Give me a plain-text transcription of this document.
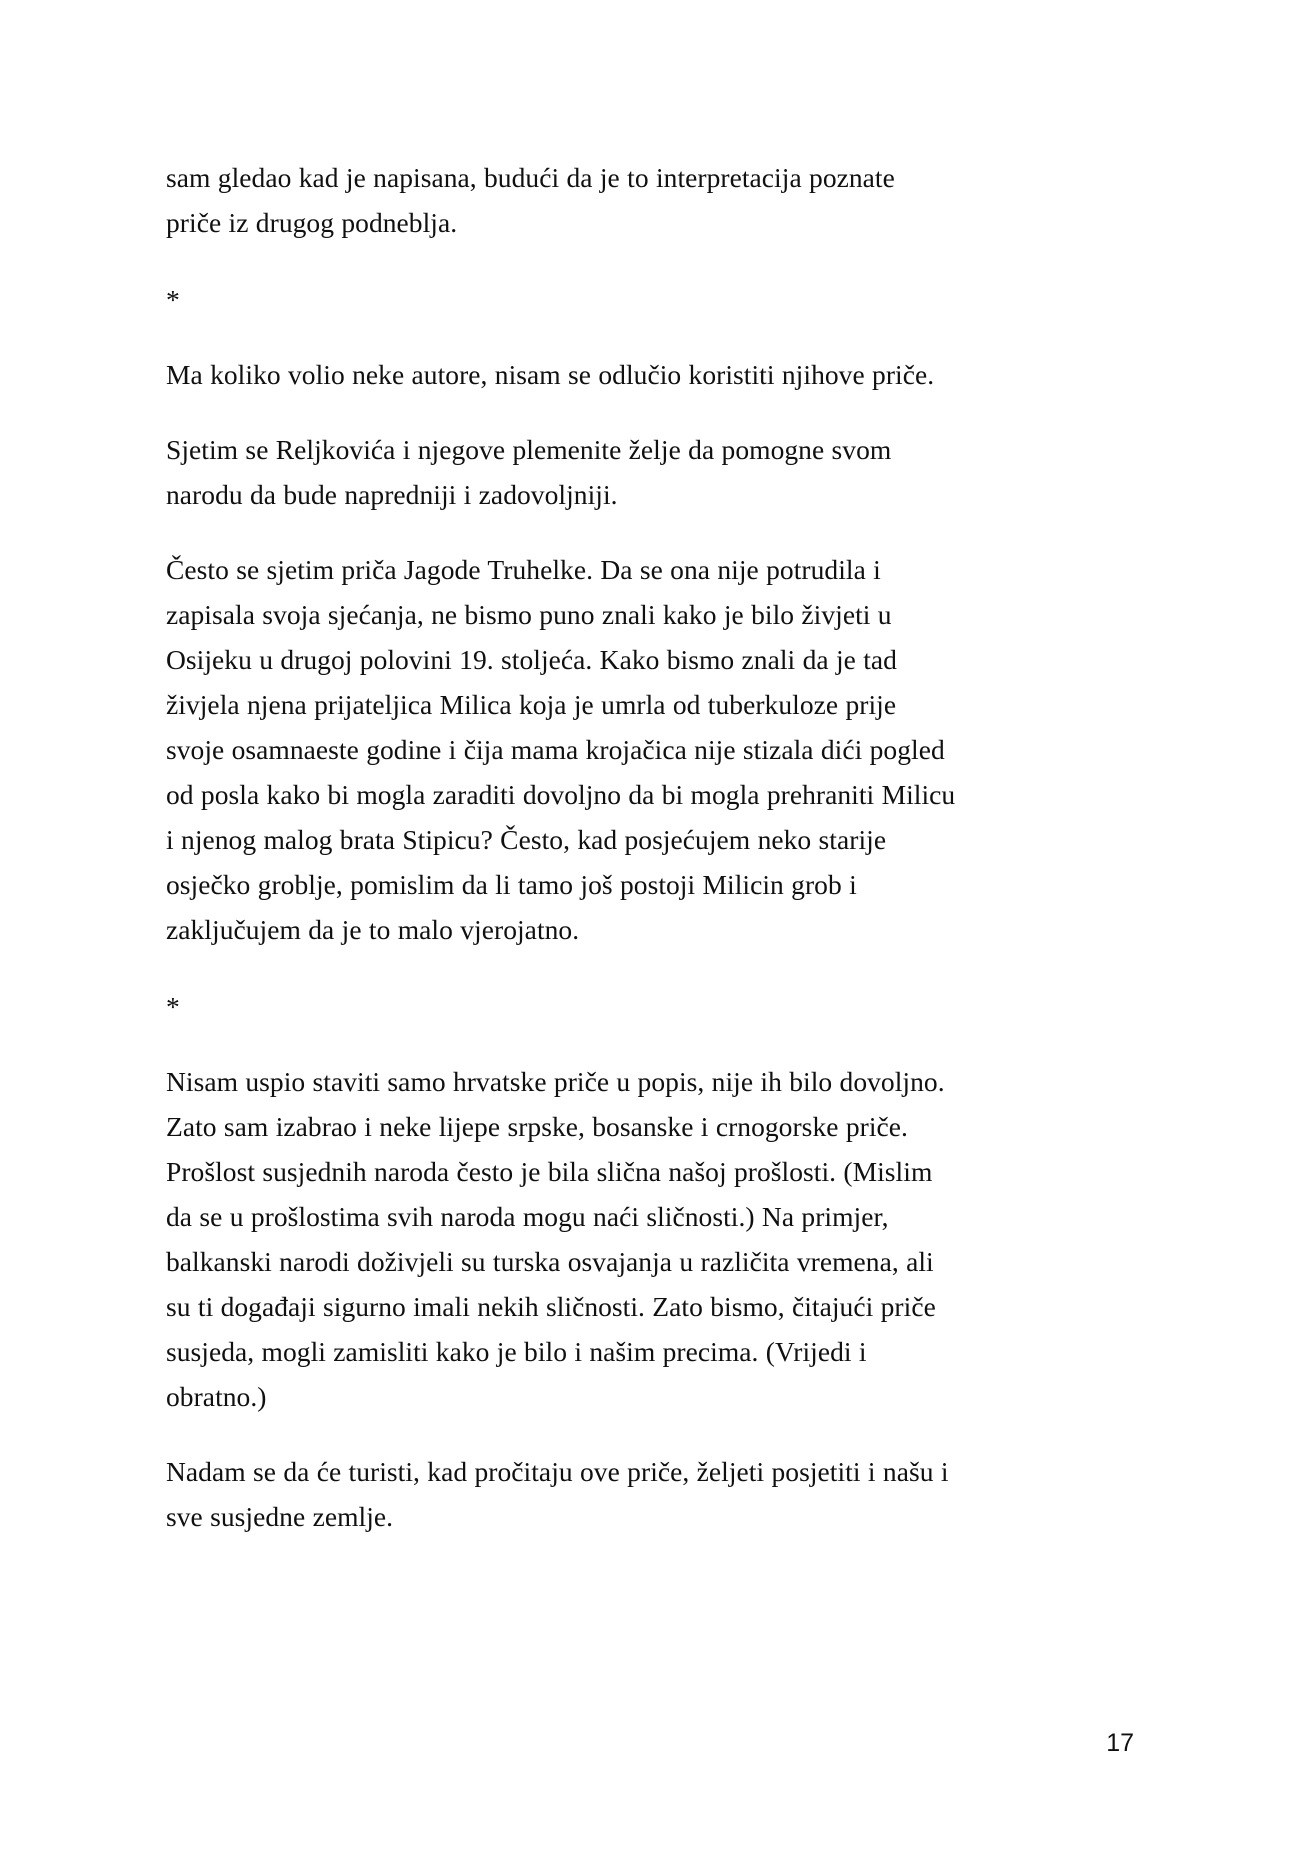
sam gledao kad je napisana, budući da je to interpretacija poznate priče iz drugog podneblja.

*

Ma koliko volio neke autore, nisam se odlučio koristiti njihove priče.

Sjetim se Reljkovića i njegove plemenite želje da pomogne svom narodu da bude napredniji i zadovoljniji.

Često se sjetim priča Jagode Truhelke. Da se ona nije potrudila i zapisala svoja sjećanja, ne bismo puno znali kako je bilo živjeti u Osijeku u drugoj polovini 19. stoljeća. Kako bismo znali da je tad živjela njena prijateljica Milica koja je umrla od tuberkuloze prije svoje osamnaeste godine i čija mama krojačica nije stizala dići pogled od posla kako bi mogla zaraditi dovoljno da bi mogla prehraniti Milicu i njenog malog brata Stipicu? Često, kad posjećujem neko starije osječko groblje, pomislim da li tamo još postoji Milicin grob i zaključujem da je to malo vjerojatno.

*

Nisam uspio staviti samo hrvatske priče u popis, nije ih bilo dovoljno. Zato sam izabrao i neke lijepe srpske, bosanske i crnogorske priče. Prošlost susjednih naroda često je bila slična našoj prošlosti. (Mislim da se u prošlostima svih naroda mogu naći sličnosti.) Na primjer, balkanski narodi doživjeli su turska osvajanja u različita vremena, ali su ti događaji sigurno imali nekih sličnosti. Zato bismo, čitajući priče susjeda, mogli zamisliti kako je bilo i našim precima. (Vrijedi i obratno.)

Nadam se da će turisti, kad pročitaju ove priče, željeti posjetiti i našu i sve susjedne zemlje.

17
